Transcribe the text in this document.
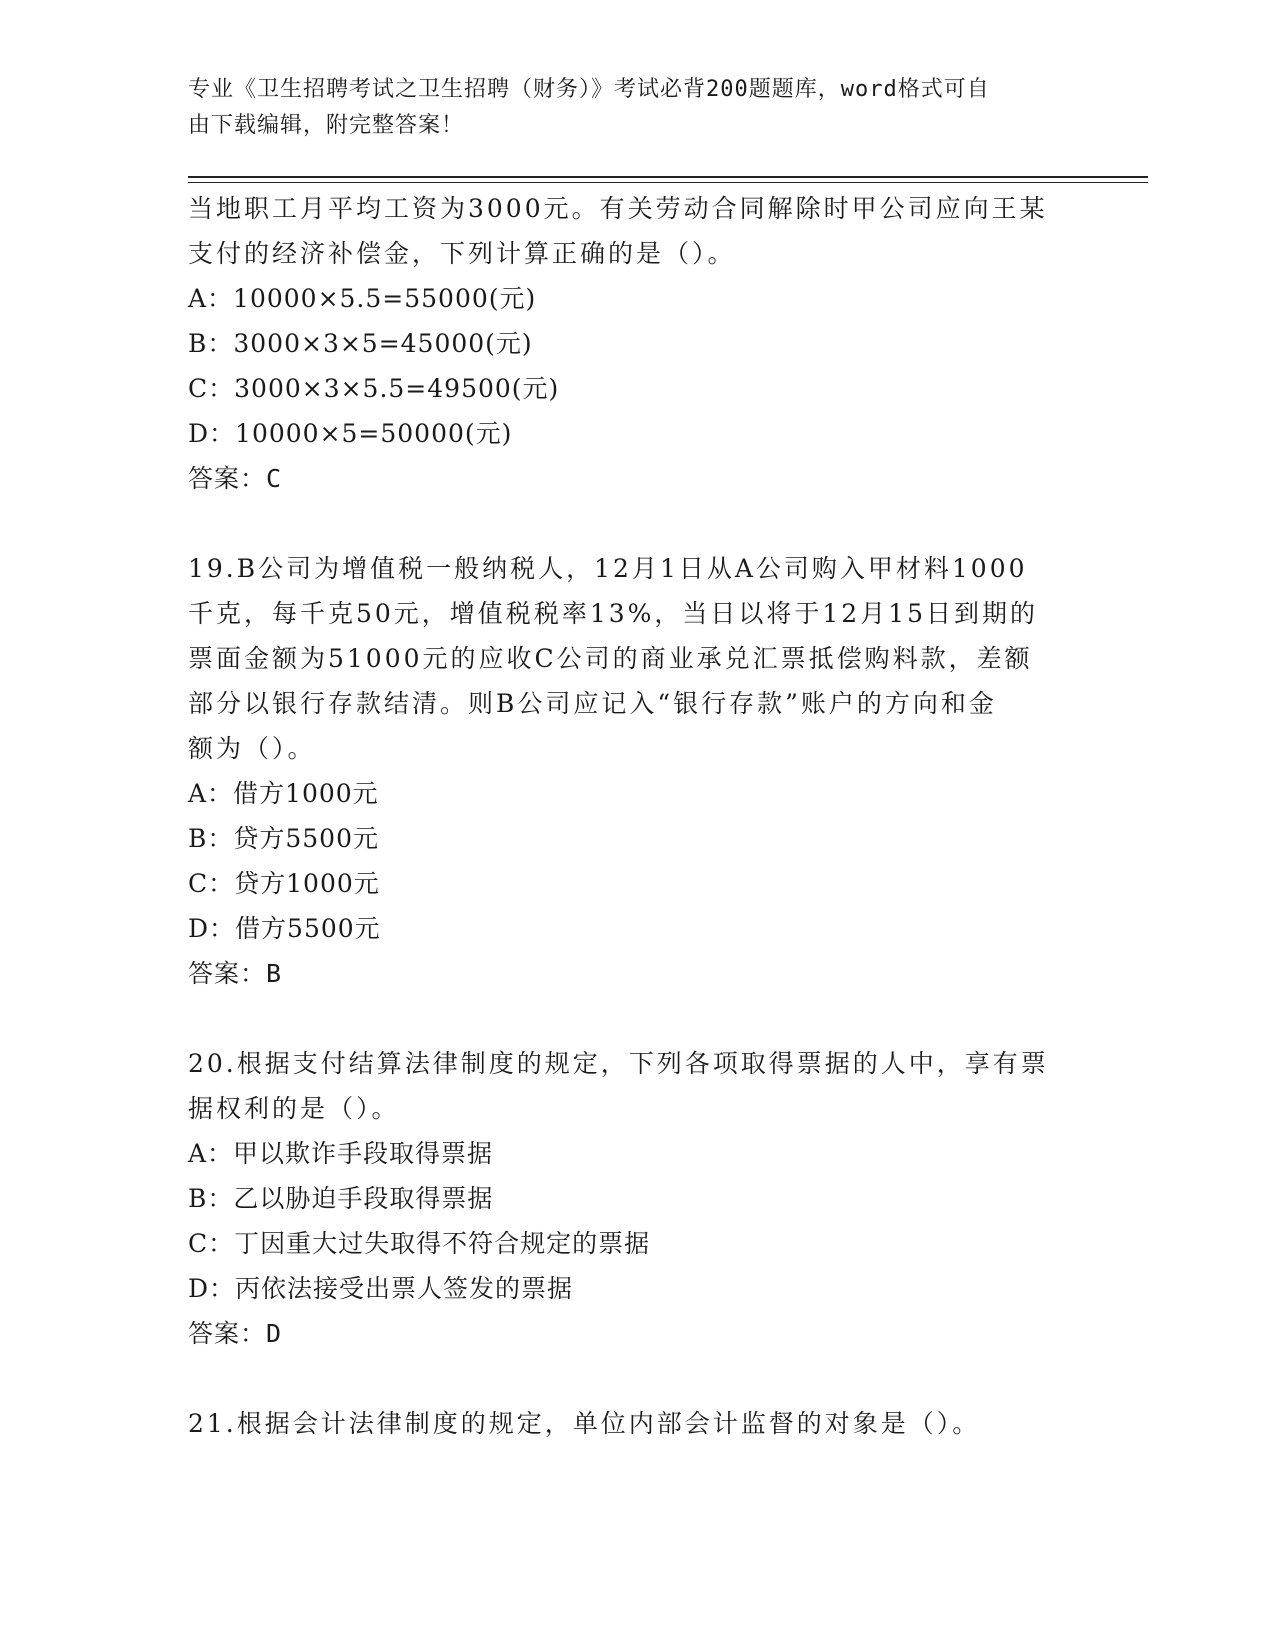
专业《卫生招聘考试之卫生招聘（财务）》考试必背200题题库，word格式可自
由下载编辑，附完整答案！
当地职工月平均工资为3000元。有关劳动合同解除时甲公司应向王某
支付的经济补偿金，下列计算正确的是（）。
A：10000×5.5=55000(元)
B：3000×3×5=45000(元)
C：3000×3×5.5=49500(元)
D：10000×5=50000(元)
答案：C
19.B公司为增值税一般纳税人，12月1日从A公司购入甲材料1000
千克，每千克50元，增值税税率13%，当日以将于12月15日到期的
票面金额为51000元的应收C公司的商业承兑汇票抵偿购料款，差额
部分以银行存款结清。则B公司应记入“银行存款”账户的方向和金
额为（）。
A：借方1000元
B：贷方5500元
C：贷方1000元
D：借方5500元
答案：B
20.根据支付结算法律制度的规定，下列各项取得票据的人中，享有票
据权利的是（）。
A：甲以欺诈手段取得票据
B：乙以胁迫手段取得票据
C：丁因重大过失取得不符合规定的票据
D：丙依法接受出票人签发的票据
答案：D
21.根据会计法律制度的规定，单位内部会计监督的对象是（）。
